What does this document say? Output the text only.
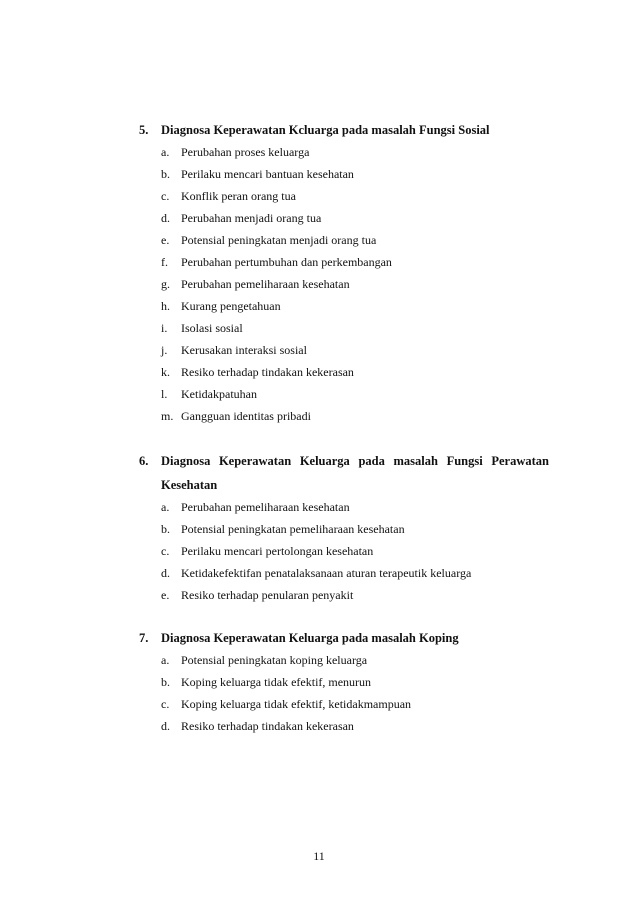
5.	Diagnosa Keperawatan Kcluarga pada masalah Fungsi Sosial
a. Perubahan proses keluarga
b. Perilaku mencari bantuan kesehatan
c. Konflik peran orang tua
d. Perubahan menjadi orang tua
e. Potensial peningkatan menjadi orang tua
f.	Perubahan pertumbuhan dan perkembangan
g. Perubahan pemeliharaan kesehatan
h. Kurang pengetahuan
i.	Isolasi sosial
j.	Kerusakan interaksi sosial
k. Resiko terhadap tindakan kekerasan
l.	Ketidakpatuhan
m. Gangguan identitas pribadi
6.	Diagnosa Keperawatan Keluarga pada masalah Fungsi Perawatan
Kesehatan
a. Perubahan pemeliharaan kesehatan
b. Potensial peningkatan pemeliharaan kesehatan
c. Perilaku mencari pertolongan kesehatan
d. Ketidakefektifan penatalaksanaan aturan terapeutik keluarga
e. Resiko terhadap penularan penyakit
7.	Diagnosa Keperawatan Keluarga pada masalah Koping
a. Potensial peningkatan koping keluarga
b. Koping keluarga tidak efektif, menurun
c. Koping keluarga tidak efektif, ketidakmampuan
d. Resiko terhadap tindakan kekerasan
11
